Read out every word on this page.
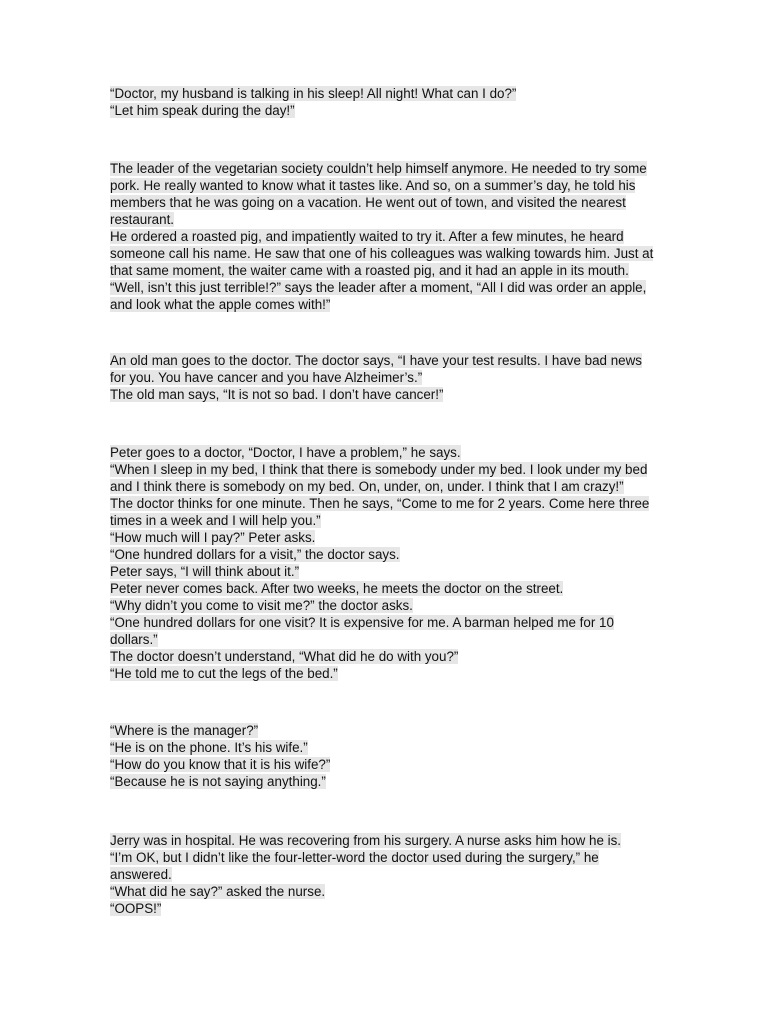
“Doctor, my husband is talking in his sleep! All night! What can I do?”
“Let him speak during the day!”
The leader of the vegetarian society couldn’t help himself anymore. He needed to try some pork. He really wanted to know what it tastes like. And so, on a summer’s day, he told his members that he was going on a vacation. He went out of town, and visited the nearest restaurant.
He ordered a roasted pig, and impatiently waited to try it. After a few minutes, he heard someone call his name. He saw that one of his colleagues was walking towards him. Just at that same moment, the waiter came with a roasted pig, and it had an apple in its mouth.
“Well, isn’t this just terrible!?” says the leader after a moment, “All I did was order an apple, and look what the apple comes with!”
An old man goes to the doctor. The doctor says, “I have your test results. I have bad news for you. You have cancer and you have Alzheimer’s.”
The old man says, “It is not so bad. I don’t have cancer!”
Peter goes to a doctor, “Doctor, I have a problem,” he says.
“When I sleep in my bed, I think that there is somebody under my bed. I look under my bed and I think there is somebody on my bed. On, under, on, under. I think that I am crazy!”
The doctor thinks for one minute. Then he says, “Come to me for 2 years. Come here three times in a week and I will help you.”
“How much will I pay?” Peter asks.
“One hundred dollars for a visit,” the doctor says.
Peter says, “I will think about it.”
Peter never comes back. After two weeks, he meets the doctor on the street.
“Why didn’t you come to visit me?” the doctor asks.
“One hundred dollars for one visit? It is expensive for me. A barman helped me for 10 dollars.”
The doctor doesn’t understand, “What did he do with you?”
“He told me to cut the legs of the bed.”
“Where is the manager?”
“He is on the phone. It’s his wife.”
“How do you know that it is his wife?”
“Because he is not saying anything.”
Jerry was in hospital. He was recovering from his surgery. A nurse asks him how he is.
“I’m OK, but I didn’t like the four-letter-word the doctor used during the surgery,” he answered.
“What did he say?” asked the nurse.
“OOPS!”
